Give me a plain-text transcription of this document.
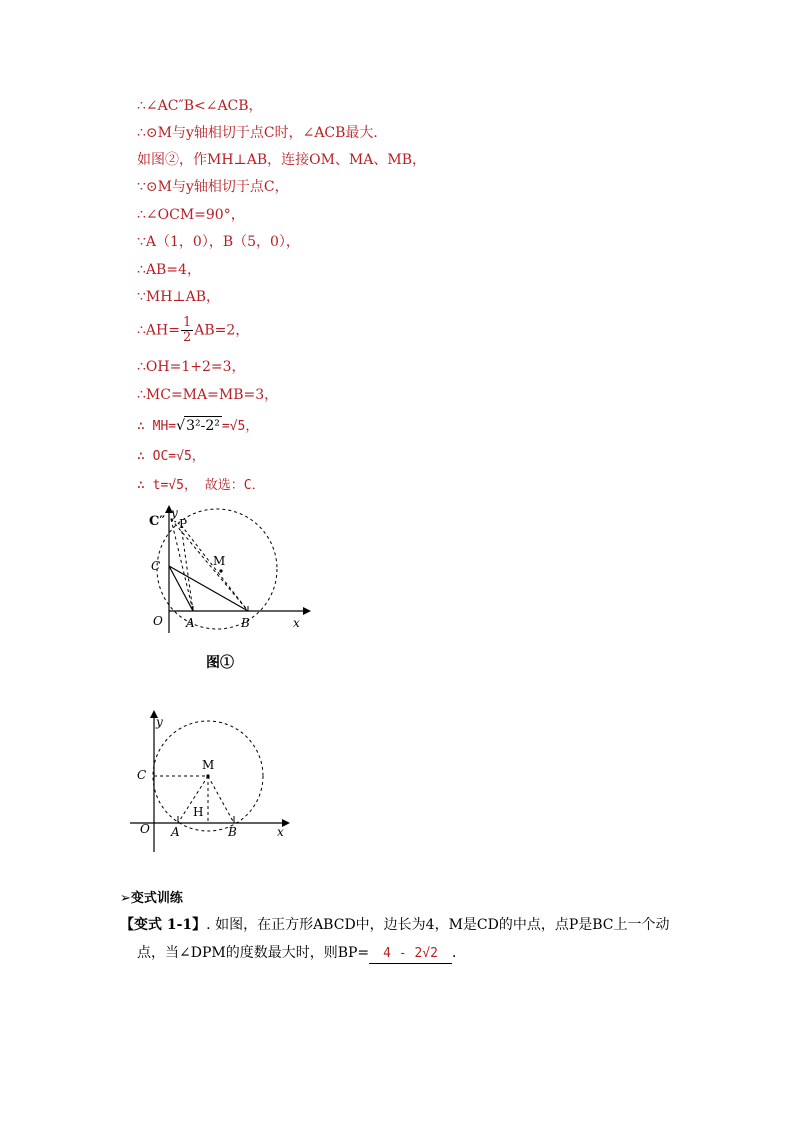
∴∠AC″B<∠ACB，
∴⊙M与y轴相切于点C时，∠ACB最大．
如图②，作MH⊥AB，连接OM、MA、MB，
∵⊙M与y轴相切于点C，
∴∠OCM=90°，
∵A（1，0），B（5，0），
∴AB=4，
∵MH⊥AB，
∴AH= $\frac{1}{2} AB=2$，
∴OH=1+2=3，
∴MC=MA=MB=3，
∴ MH=√3²-2² =√5，
∴ OC=√5，
∴ t=√5， 故选：C．
C″
y
P
M
C
O A	B	x
图①
y
M
C
H
O A	B	x
➢变式训练
【变式 1-1】. 如图，在正方形ABCD中，边长为4，M是CD的中点，点P是BC上一个动
点，当∠DPM的度数最大时，则BP= 4 - 2√2 ．
